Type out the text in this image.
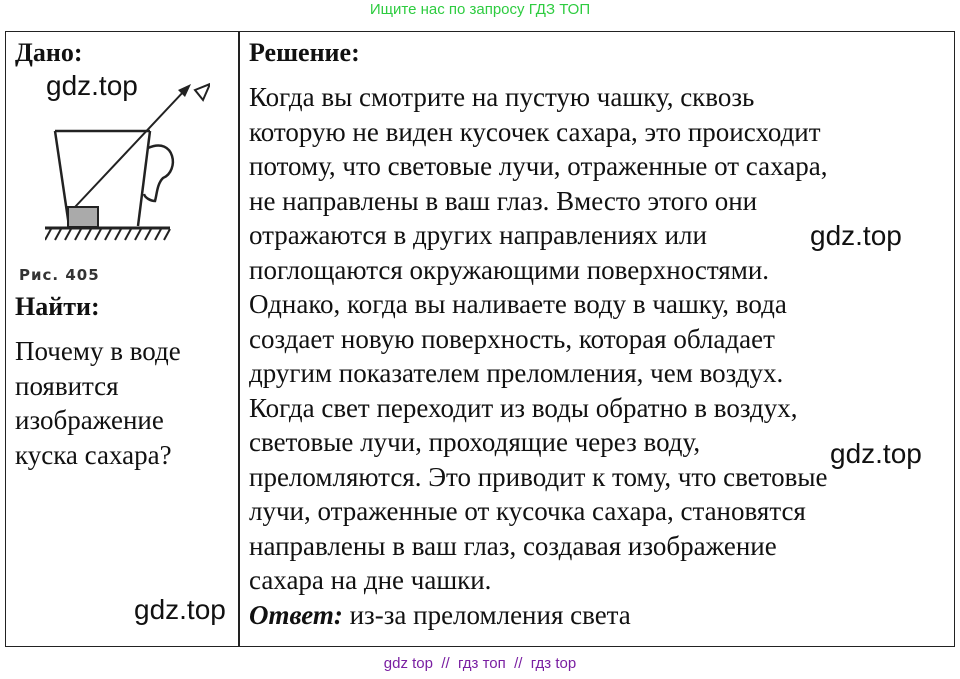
Ищите нас по запросу ГДЗ ТОП
Дано:
Рис. 405
Найти:
Почему в воде
появится
изображение
куска сахара?
Решение:
Когда вы смотрите на пустую чашку, сквозь
которую не виден кусочек сахара, это происходит
потому, что световые лучи, отраженные от сахара,
не направлены в ваш глаз. Вместо этого они
отражаются в других направлениях или
поглощаются окружающими поверхностями.
Однако, когда вы наливаете воду в чашку, вода
создает новую поверхность, которая обладает
другим показателем преломления, чем воздух.
Когда свет переходит из воды обратно в воздух,
световые лучи, проходящие через воду,
преломляются. Это приводит к тому, что световые
лучи, отраженные от кусочка сахара, становятся
направлены в ваш глаз, создавая изображение
сахара на дне чашки.
Ответ: из-за преломления света
gdz.top
gdz.top
gdz.top
gdz.top
gdz top  //  гдз топ  //  гдз top
